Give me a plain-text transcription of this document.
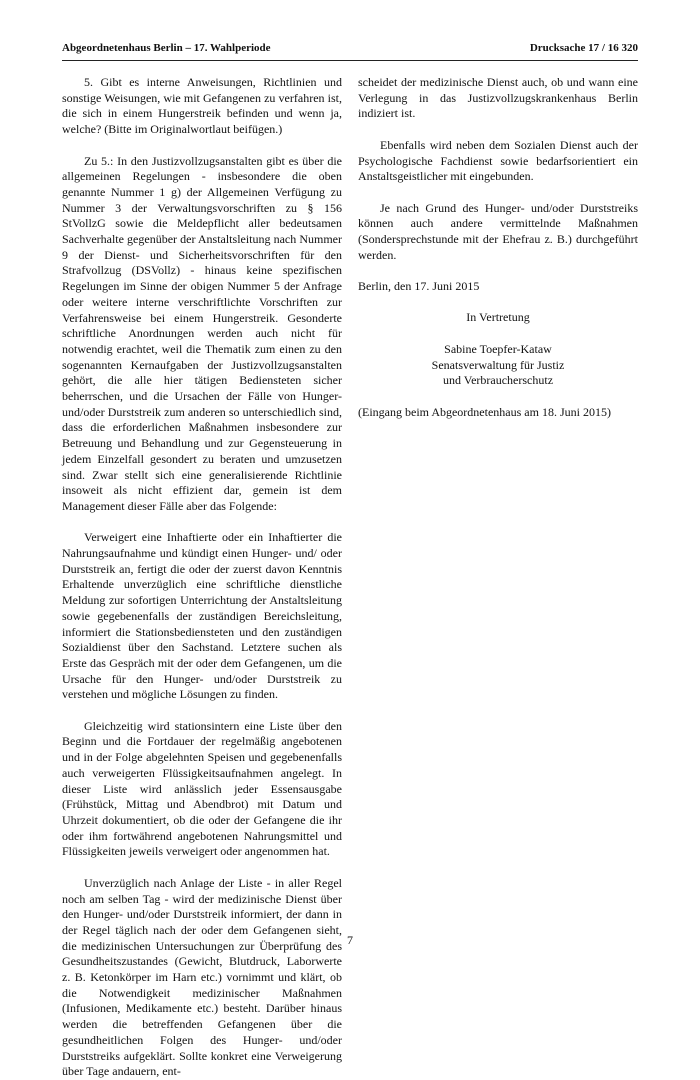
Abgeordnetenhaus Berlin – 17. Wahlperiode	Drucksache 17 / 16 320

5. Gibt es interne Anweisungen, Richtlinien und sonstige Weisungen, wie mit Gefangenen zu verfahren ist, die sich in einem Hungerstreik befinden und wenn ja, welche? (Bitte im Originalwortlaut beifügen.)

Zu 5.: In den Justizvollzugsanstalten gibt es über die allgemeinen Regelungen - insbesondere die oben genannte Nummer 1 g) der Allgemeinen Verfügung zu Nummer 3 der Verwaltungsvorschriften zu § 156 StVollzG sowie die Meldepflicht aller bedeutsamen Sachverhalte gegenüber der Anstaltsleitung nach Nummer 9 der Dienst- und Sicherheitsvorschriften für den Strafvollzug (DSVollz) - hinaus keine spezifischen Regelungen im Sinne der obigen Nummer 5 der Anfrage oder weitere interne verschriftlichte Vorschriften zur Verfahrensweise bei einem Hungerstreik. Gesonderte schriftliche Anordnungen werden auch nicht für notwendig erachtet, weil die Thematik zum einen zu den sogenannten Kernaufgaben der Justizvollzugsanstalten gehört, die alle hier tätigen Bediensteten sicher beherrschen, und die Ursachen der Fälle von Hunger- und/oder Durststreik zum anderen so unterschiedlich sind, dass die erforderlichen Maßnahmen insbesondere zur Betreuung und Behandlung und zur Gegensteuerung in jedem Einzelfall gesondert zu beraten und umzusetzen sind. Zwar stellt sich eine generalisierende Richtlinie insoweit als nicht effizient dar, gemein ist dem Management dieser Fälle aber das Folgende:

Verweigert eine Inhaftierte oder ein Inhaftierter die Nahrungsaufnahme und kündigt einen Hunger- und/ oder Durststreik an, fertigt die oder der zuerst davon Kenntnis Erhaltende unverzüglich eine schriftliche dienstliche Meldung zur sofortigen Unterrichtung der Anstaltsleitung sowie gegebenenfalls der zuständigen Bereichsleitung, informiert die Stationsbediensteten und den zuständigen Sozialdienst über den Sachstand. Letztere suchen als Erste das Gespräch mit der oder dem Gefangenen, um die Ursache für den Hunger- und/oder Durststreik zu verstehen und mögliche Lösungen zu finden.

Gleichzeitig wird stationsintern eine Liste über den Beginn und die Fortdauer der regelmäßig angebotenen und in der Folge abgelehnten Speisen und gegebenenfalls auch verweigerten Flüssigkeitsaufnahmen angelegt. In dieser Liste wird anlässlich jeder Essensausgabe (Frühstück, Mittag und Abendbrot) mit Datum und Uhrzeit dokumentiert, ob die oder der Gefangene die ihr oder ihm fortwährend angebotenen Nahrungsmittel und Flüssigkeiten jeweils verweigert oder angenommen hat.

Unverzüglich nach Anlage der Liste - in aller Regel noch am selben Tag - wird der medizinische Dienst über den Hunger- und/oder Durststreik informiert, der dann in der Regel täglich nach der oder dem Gefangenen sieht, die medizinischen Untersuchungen zur Überprüfung des Gesundheitszustandes (Gewicht, Blutdruck, Laborwerte z. B. Ketonkörper im Harn etc.) vornimmt und klärt, ob die Notwendigkeit medizinischer Maßnahmen (Infusionen, Medikamente etc.) besteht. Darüber hinaus werden die betreffenden Gefangenen über die gesundheitlichen Folgen des Hunger- und/oder Durststreiks aufgeklärt. Sollte konkret eine Verweigerung über Tage andauern, ent-

scheidet der medizinische Dienst auch, ob und wann eine Verlegung in das Justizvollzugskrankenhaus Berlin indiziert ist.

Ebenfalls wird neben dem Sozialen Dienst auch der Psychologische Fachdienst sowie bedarfsorientiert ein Anstaltsgeistlicher mit eingebunden.

Je nach Grund des Hunger- und/oder Durststreiks können auch andere vermittelnde Maßnahmen (Sondersprechstunde mit der Ehefrau z. B.) durchgeführt werden.

Berlin, den 17. Juni 2015

In Vertretung

Sabine Toepfer-Kataw
Senatsverwaltung für Justiz
und Verbraucherschutz

(Eingang beim Abgeordnetenhaus am 18. Juni 2015)

7
